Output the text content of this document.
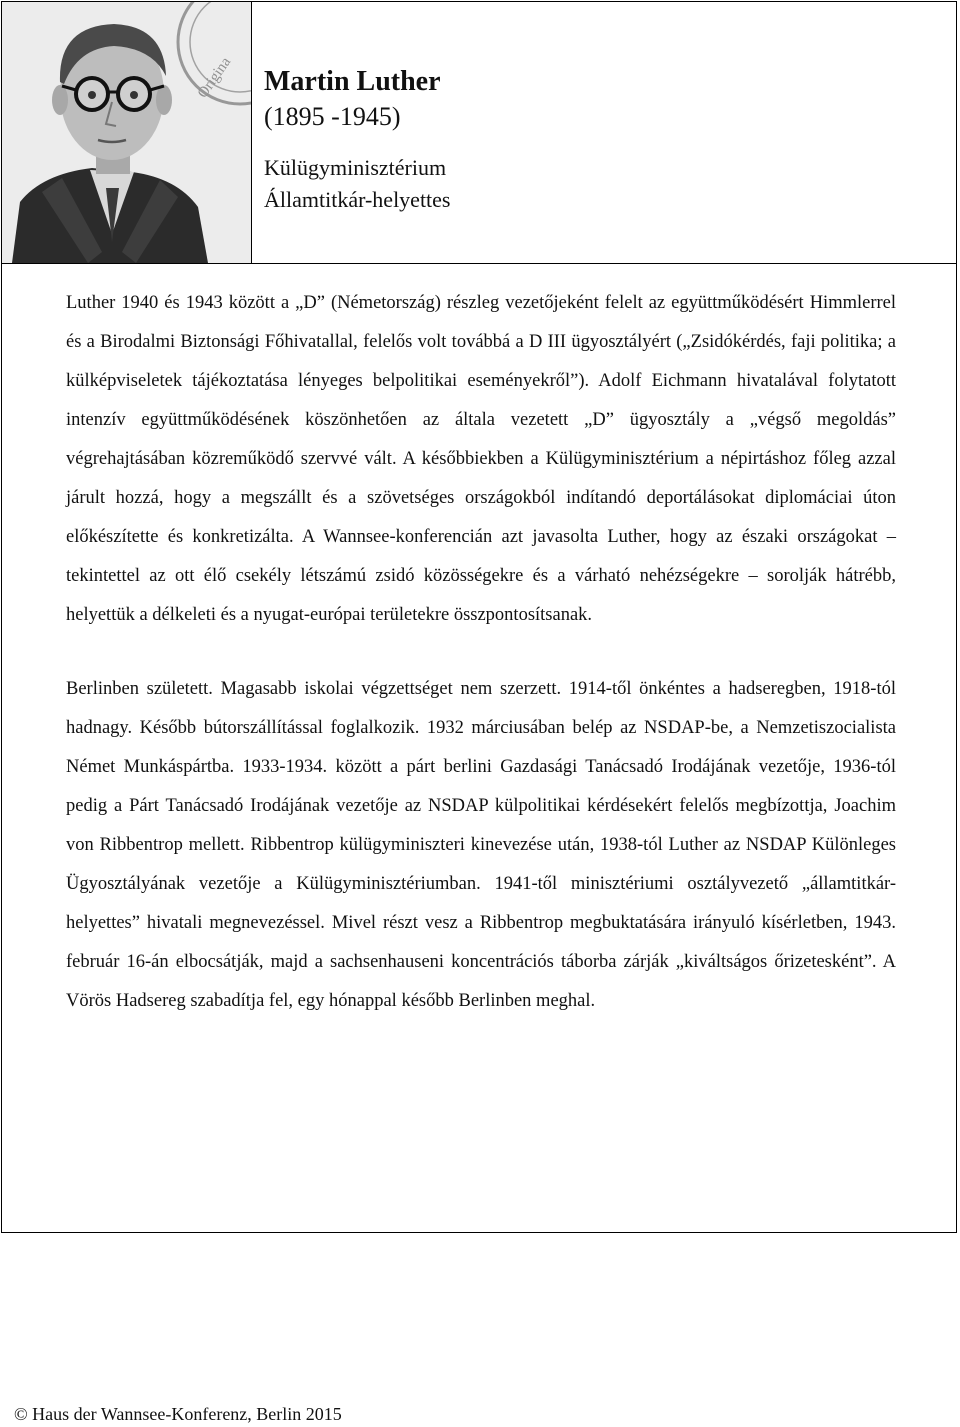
Origina Martin Luther

(1895 -1945)

Külügyminisztérium

Államtitkár-helyettes

Luther 1940 és 1943 között a „D” (Németország) részleg vezetőjeként felelt az együttműködésért Himmlerrel és a Birodalmi Biztonsági Főhivatallal, felelős volt továbbá a D III ügyosztályért („Zsidókérdés, faji politika; a külképviseletek tájékoztatása lényeges belpolitikai eseményekről”). Adolf Eichmann hivatalával folytatott intenzív együttműködésének köszönhetően az általa vezetett „D” ügyosztály a „végső megoldás” végrehajtásában közreműködő szervvé vált. A későbbiekben a Külügyminisztérium a népirtáshoz főleg azzal járult hozzá, hogy a megszállt és a szövetséges országokból indítandó deportálásokat diplomáciai úton előkészítette és konkretizálta. A Wannsee-konferencián azt javasolta Luther, hogy az északi országokat – tekintettel az ott élő csekély létszámú zsidó közösségekre és a várható nehézségekre – sorolják hátrébb, helyettük a délkeleti és a nyugat-európai területekre összpontosítsanak.

Berlinben született. Magasabb iskolai végzettséget nem szerzett. 1914-től önkéntes a hadseregben, 1918-tól hadnagy. Később bútorszállítással foglalkozik. 1932 márciusában belép az NSDAP-be, a Nemzetiszocialista Német Munkáspártba. 1933-1934. között a párt berlini Gazdasági Tanácsadó Irodájának vezetője, 1936-tól pedig a Párt Tanácsadó Irodájának vezetője az NSDAP külpolitikai kérdésekért felelős megbízottja, Joachim von Ribbentrop mellett. Ribbentrop külügyminiszteri kinevezése után, 1938-tól Luther az NSDAP Különleges Ügyosztályának vezetője a Külügyminisztériumban. 1941-től minisztériumi osztályvezető „államtitkár-helyettes” hivatali megnevezéssel. Mivel részt vesz a Ribbentrop megbuktatására irányuló kísérletben, 1943. február 16-án elbocsátják, majd a sachsenhauseni koncentrációs táborba zárják „kiváltságos őrizetesként”. A Vörös Hadsereg szabadítja fel, egy hónappal később Berlinben meghal.

© Haus der Wannsee-Konferenz, Berlin 2015
